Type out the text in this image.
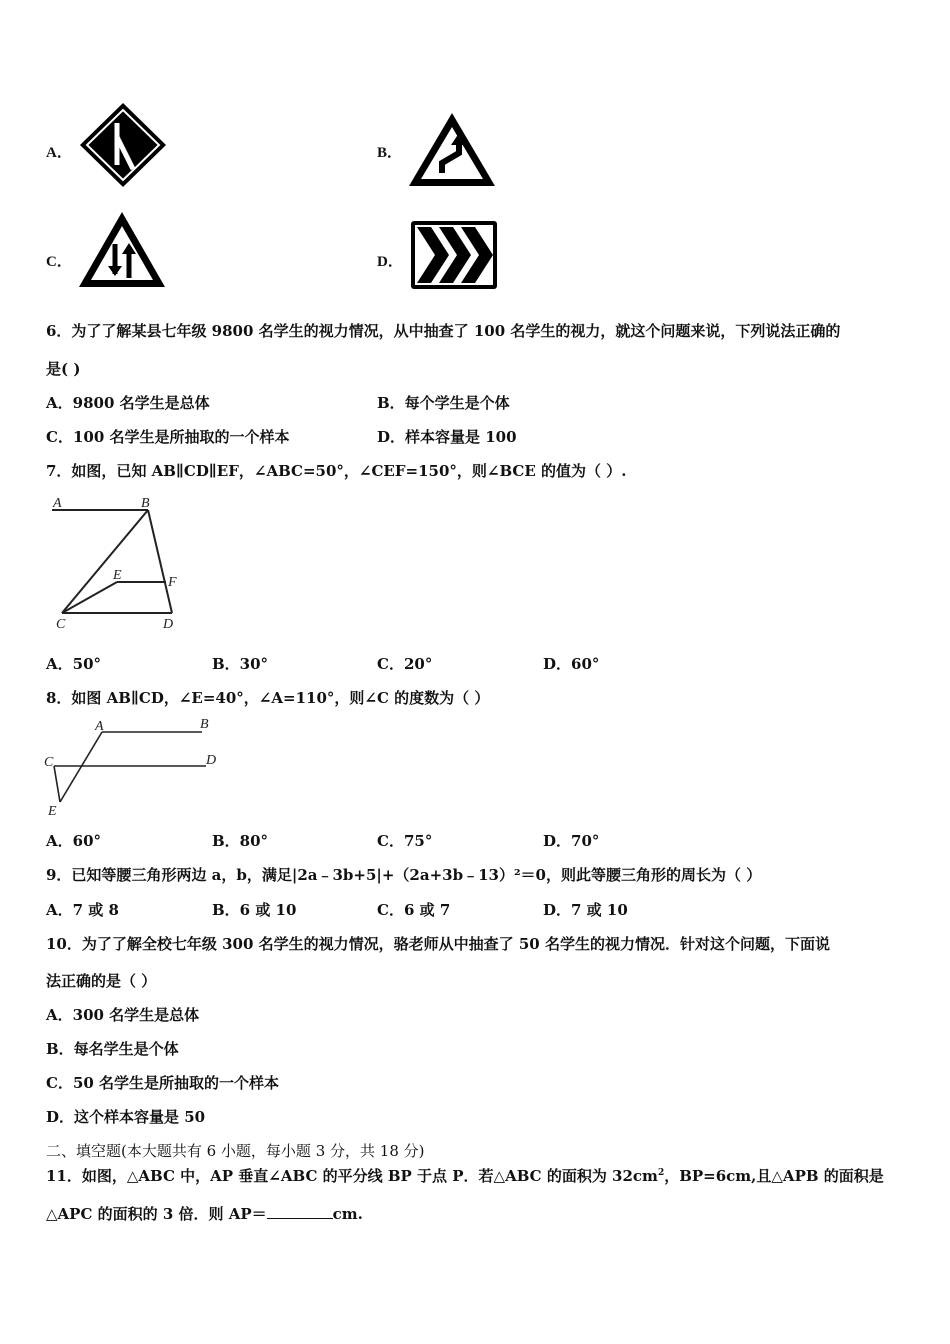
A．	B．
C．	D．
6．为了了解某县七年级 9800 名学生的视力情况，从中抽查了 100 名学生的视力，就这个问题来说，下列说法正确的
是( )
A．9800 名学生是总体	B．每个学生是个体
C．100 名学生是所抽取的一个样本	D．样本容量是 100
7．如图，已知 AB∥CD∥EF，∠ABC=50°，∠CEF=150°，则∠BCE 的值为（ ）.
A	B
C	D
E	F
A．50°	B．30°	C．20°	D．60°
8．如图 AB∥CD，∠E=40°，∠A=110°，则∠C 的度数为（ ）
A	B
C	D
E
A．60°	B．80°	C．75°	D．70°
9．已知等腰三角形两边 a，b，满足|2a﹣3b+5|+（2a+3b﹣13）²＝0，则此等腰三角形的周长为（ ）
A．7 或 8	B．6 或 10	C．6 或 7	D．7 或 10
10．为了了解全校七年级 300 名学生的视力情况，骆老师从中抽查了 50 名学生的视力情况．针对这个问题，下面说
法正确的是（ ）
A．300 名学生是总体
B．每名学生是个体
C．50 名学生是所抽取的一个样本
D．这个样本容量是 50
二、填空题(本大题共有 6 小题，每小题 3 分，共 18 分)
11．如图，△ABC 中，AP 垂直∠ABC 的平分线 BP 于点 P．若△ABC 的面积为 $32cm^2$，BP=6cm,且△APB 的面积是
△APC 的面积的 3 倍．则 AP＝	cm.
